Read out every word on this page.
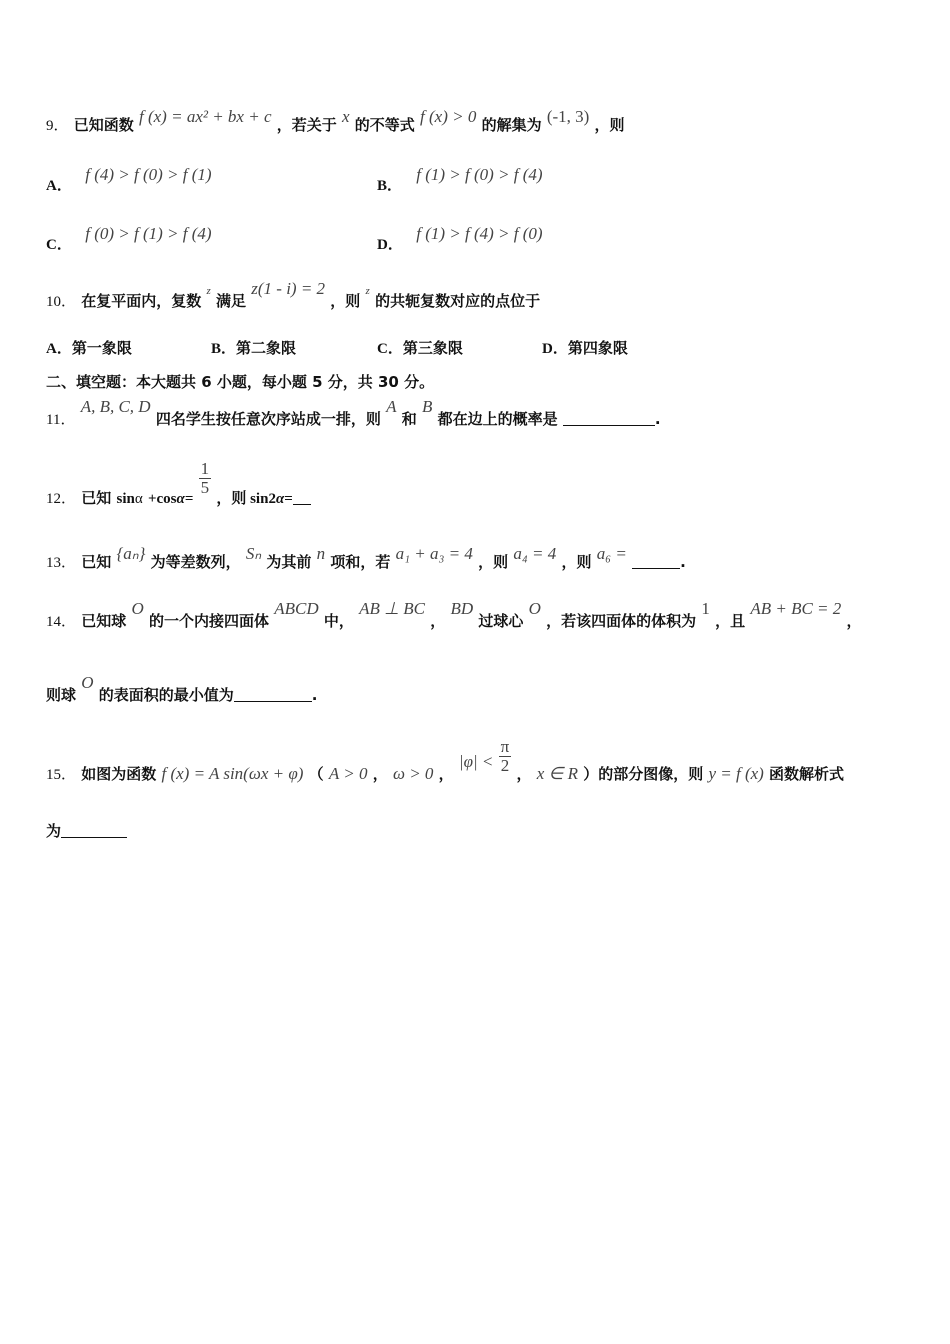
9． 已知函数 f (x) = ax² + bx + c ，若关于 x 的不等式 f (x) > 0 的解集为 (-1, 3) ，则
A． f (4) > f (0) > f (1)
B． f (1) > f (0) > f (4)
C． f (0) > f (1) > f (4)
D． f (1) > f (4) > f (0)
10． 在复平面内，复数 $^z$ 满足 z(1 - i) = 2 ，则 $^z$ 的共轭复数对应的点位于
A．第一象限	B．第二象限	C．第三象限	D．第四象限
二、填空题：本大题共 6 小题，每小题 5 分，共 30 分。
11． A, B, C, D 四名学生按任意次序站成一排，则 A 和 B 都在边上的概率是	.
12． 已知 sinα +cosα=
$\frac{1}{5}$
，则 sin2α=
13． 已知 {aₙ} 为等差数列， Sₙ 为其前 n 项和，若 a₁ + a₃ = 4 ，则 a₄ = 4 ，则 a₆ =	.
14． 已知球 O 的一个内接四面体 ABCD 中， AB ⊥ BC ， BD 过球心 O ，若该四面体的体积为 1 ，且 AB + BC = 2 ，
则球 O 的表面积的最小值为	.
15． 如图为函数 f (x) = A sin(ωx + φ) （ A > 0 ， ω > 0 ， $|\varphi| < \frac{\pi}{2}$ ， x ∈ R ）的部分图像，则 y = f (x) 函数解析式
为
